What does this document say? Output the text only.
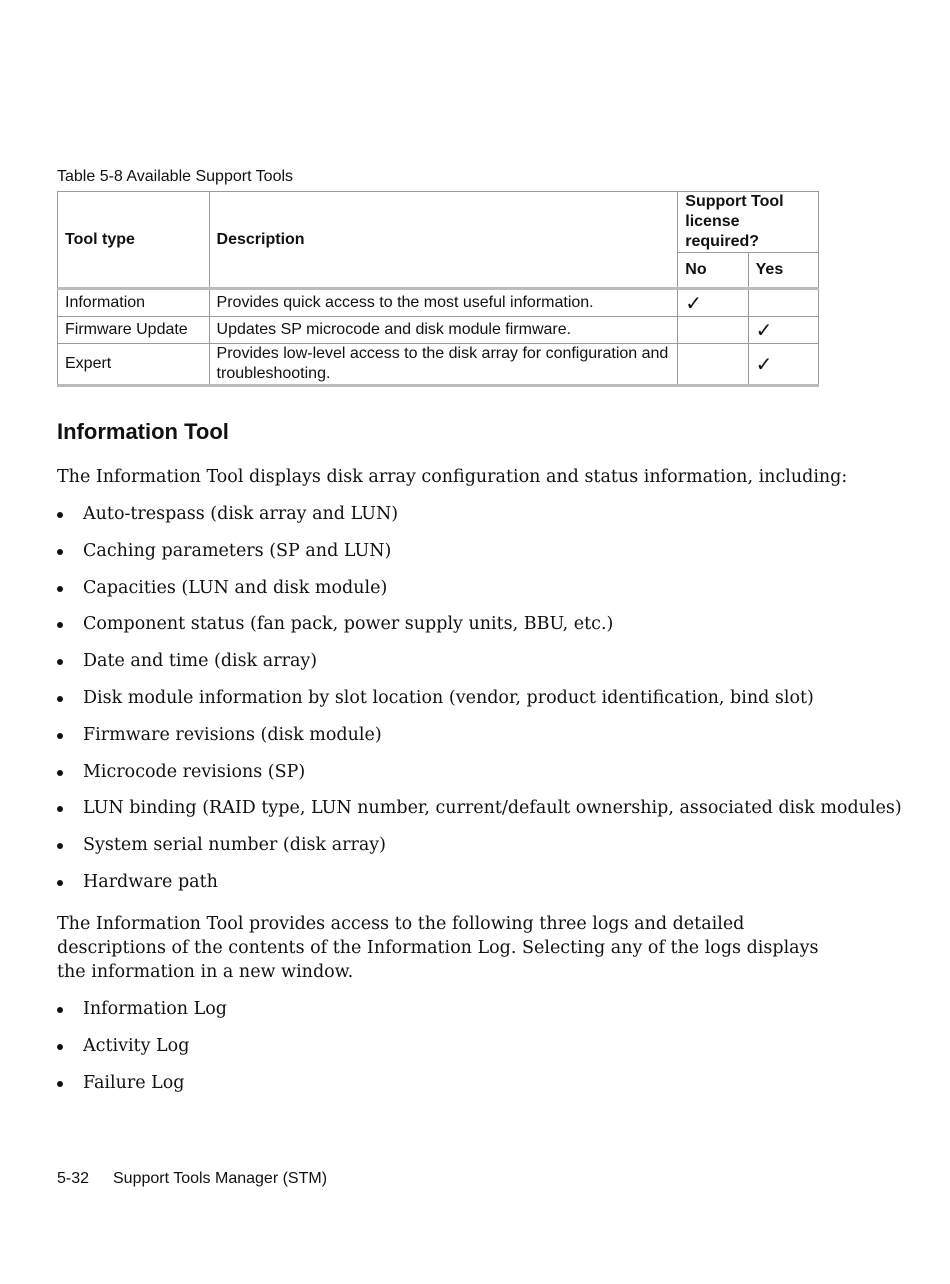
Table 5-8 Available Support Tools
Tool type	Description	Support Tool
license required?	

		No	Yes
Information	Provides quick access to the most useful information.	✓	
Firmware Update	Updates SP microcode and disk module firmware.		✓
Expert	Provides low-level access to the disk array for configuration and troubleshooting.		✓
Information Tool

The Information Tool displays disk array configuration and status information, including:

Auto-trespass (disk array and LUN)
Caching parameters (SP and LUN)
Capacities (LUN and disk module)
Component status (fan pack, power supply units, BBU, etc.)
Date and time (disk array)
Disk module information by slot location (vendor, product identification, bind slot)
Firmware revisions (disk module)
Microcode revisions (SP)
LUN binding (RAID type, LUN number, current/default ownership, associated disk modules)
System serial number (disk array)
Hardware path

The Information Tool provides access to the following three logs and detailed descriptions of the contents of the Information Log. Selecting any of the logs displays the information in a new window.

Information Log
Activity Log
Failure Log
5-32 Support Tools Manager (STM)
